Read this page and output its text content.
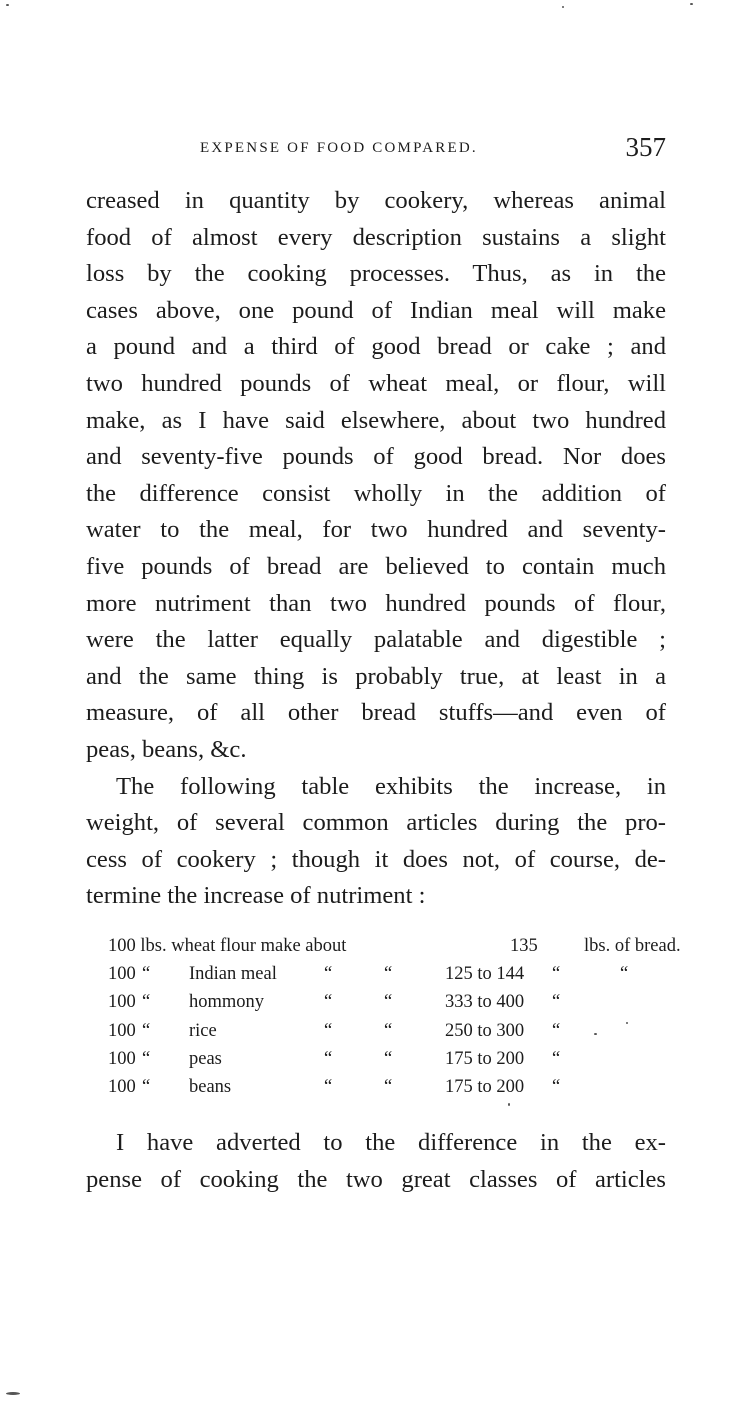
EXPENSE OF FOOD COMPARED.	357
creased in quantity by cookery, whereas animal
food of almost every description sustains a slight
loss by the cooking processes. Thus, as in the
cases above, one pound of Indian meal will make
a pound and a third of good bread or cake ; and
two hundred pounds of wheat meal, or flour, will
make, as I have said elsewhere, about two hundred
and seventy-five pounds of good bread. Nor does
the difference consist wholly in the addition of
water to the meal, for two hundred and seventy-
five pounds of bread are believed to contain much
more nutriment than two hundred pounds of flour,
were the latter equally palatable and digestible ;
and the same thing is probably true, at least in a
measure, of all other bread stuffs—and even of
peas, beans, &c.
The following table exhibits the increase, in
weight, of several common articles during the pro-
cess of cookery ; though it does not, of course, de-
termine the increase of nutriment :
100 lbs. wheat flour make about	135	lbs. of bread.
100 “ Indian meal	“	“	125 to 144 “	“
100 “ hommony	“	“	333 to 400 “
100 “ rice	“	“	250 to 300 “
100 “ peas	“	“	175 to 200 “
100 “ beans	“	“	175 to 200 “
I have adverted to the difference in the ex-
pense of cooking the two great classes of articles
